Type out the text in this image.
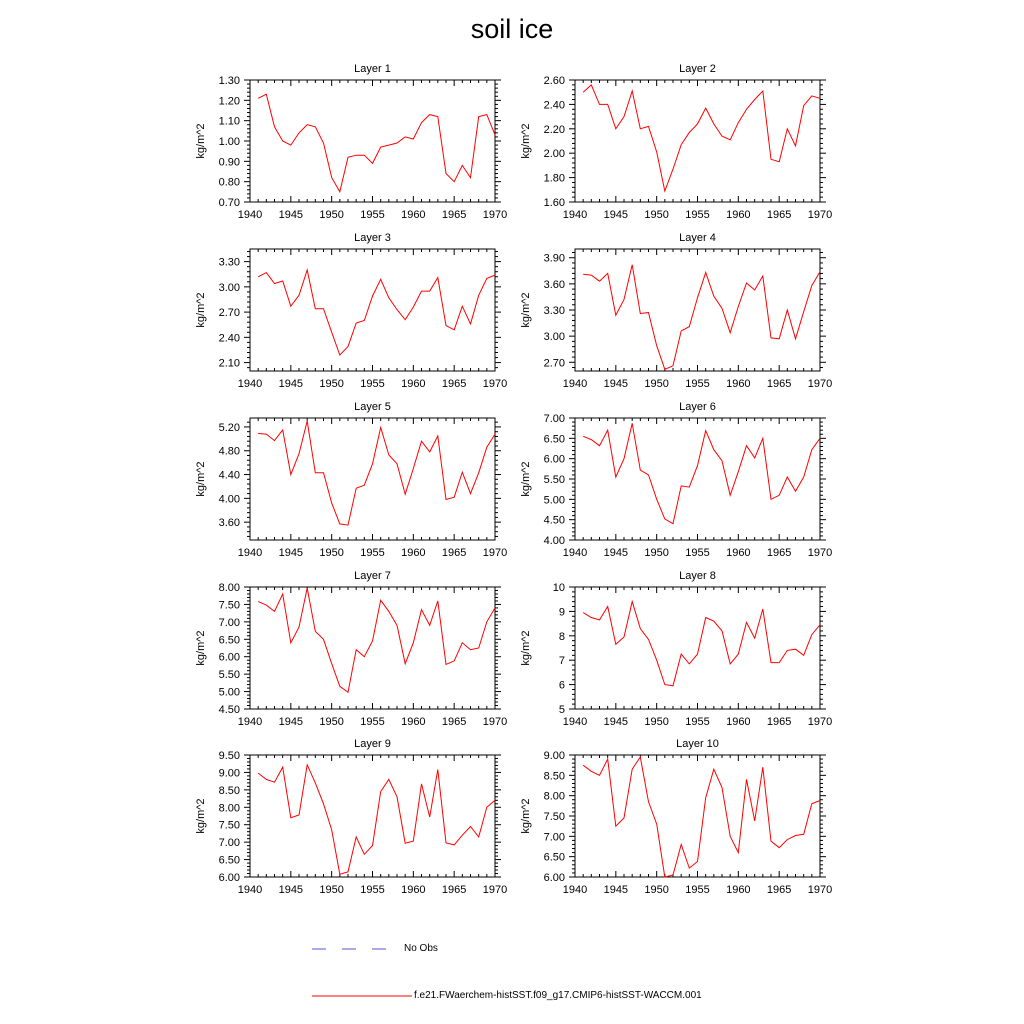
soil ice
Layer 1
kg/m^2
1940 1945 1950 1955 1960 1965 1970
0.70
0.80
0.90
1.00
1.10
1.20
1.30
Layer 2
kg/m^2
1940 1945 1950 1955 1960 1965 1970
1.60
1.80
2.00
2.20
2.40
2.60
Layer 3
kg/m^2
1940 1945 1950 1955 1960 1965 1970
2.10
2.40
2.70
3.00
3.30
Layer 4
kg/m^2
1940 1945 1950 1955 1960 1965 1970
2.70
3.00
3.30
3.60
3.90
Layer 5
kg/m^2
1940 1945 1950 1955 1960 1965 1970
3.60
4.00
4.40
4.80
5.20
Layer 6
kg/m^2
1940 1945 1950 1955 1960 1965 1970
4.00
4.50
5.00
5.50
6.00
6.50
7.00
Layer 7
kg/m^2
1940 1945 1950 1955 1960 1965 1970
4.50
5.00
5.50
6.00
6.50
7.00
7.50
8.00
Layer 8
kg/m^2
1940 1945 1950 1955 1960 1965 1970
5
6
7
8
9
10
Layer 9
kg/m^2
1940 1945 1950 1955 1960 1965 1970
6.00
6.50
7.00
7.50
8.00
8.50
9.00
9.50
Layer 10
kg/m^2
1940 1945 1950 1955 1960 1965 1970
6.00
6.50
7.00
7.50
8.00
8.50
9.00
No Obs
f.e21.FWaerchem-histSST.f09_g17.CMIP6-histSST-WACCM.001
